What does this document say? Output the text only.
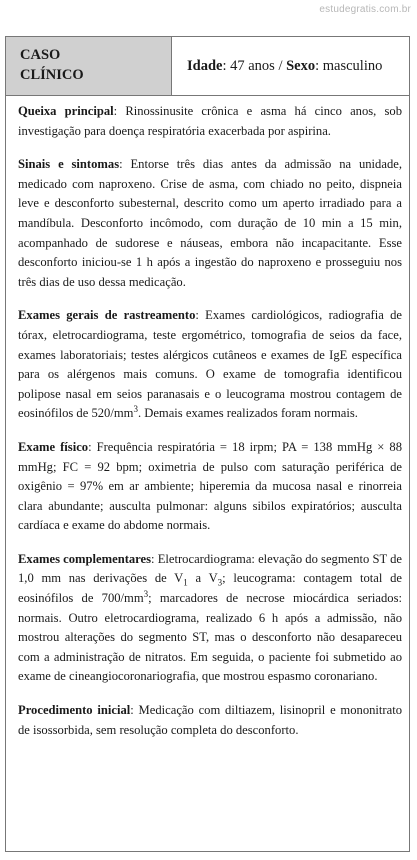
estudegratis.com.br
CASO
CLÍNICO
Idade: 47 anos / Sexo: masculino

Queixa principal: Rinossinusite crônica e asma há cinco anos, sob investigação para doença respiratória exacerbada por aspirina.

Sinais e sintomas: Entorse três dias antes da admissão na unidade, medicado com naproxeno. Crise de asma, com chiado no peito, dispneia leve e desconforto subesternal, descrito como um aperto irradiado para a mandíbula. Desconforto incômodo, com duração de 10 min a 15 min, acompanhado de sudorese e náuseas, embora não incapacitante. Esse desconforto iniciou-se 1 h após a ingestão do naproxeno e prosseguiu nos três dias de uso dessa medicação.

Exames gerais de rastreamento: Exames cardiológicos, radiografia de tórax, eletrocardiograma, teste ergométrico, tomografia de seios da face, exames laboratoriais; testes alérgicos cutâneos e exames de IgE específica para os alérgenos mais comuns. O exame de tomografia identificou polipose nasal em seios paranasais e o leucograma mostrou contagem de eosinófilos de $520/mm^3$. Demais exames realizados foram normais.

Exame físico: Frequência respiratória = 18 irpm; PA = 138 mmHg × 88 mmHg; FC = 92 bpm; oximetria de pulso com saturação periférica de oxigênio = 97% em ar ambiente; hiperemia da mucosa nasal e rinorreia clara abundante; ausculta pulmonar: alguns sibilos expiratórios; ausculta cardíaca e exame do abdome normais.

Exames complementares: Eletrocardiograma: elevação do segmento ST de 1,0 mm nas derivações de $V_1$ a $V_3$; leucograma: contagem total de eosinófilos de $700/mm^3$; marcadores de necrose miocárdica seriados: normais. Outro eletrocardiograma, realizado 6 h após a admissão, não mostrou alterações do segmento ST, mas o desconforto não desapareceu com a administração de nitratos. Em seguida, o paciente foi submetido ao exame de cineangiocoronariografia, que mostrou espasmo coronariano.

Procedimento inicial: Medicação com diltiazem, lisinopril e mononitrato de isossorbida, sem resolução completa do desconforto.
